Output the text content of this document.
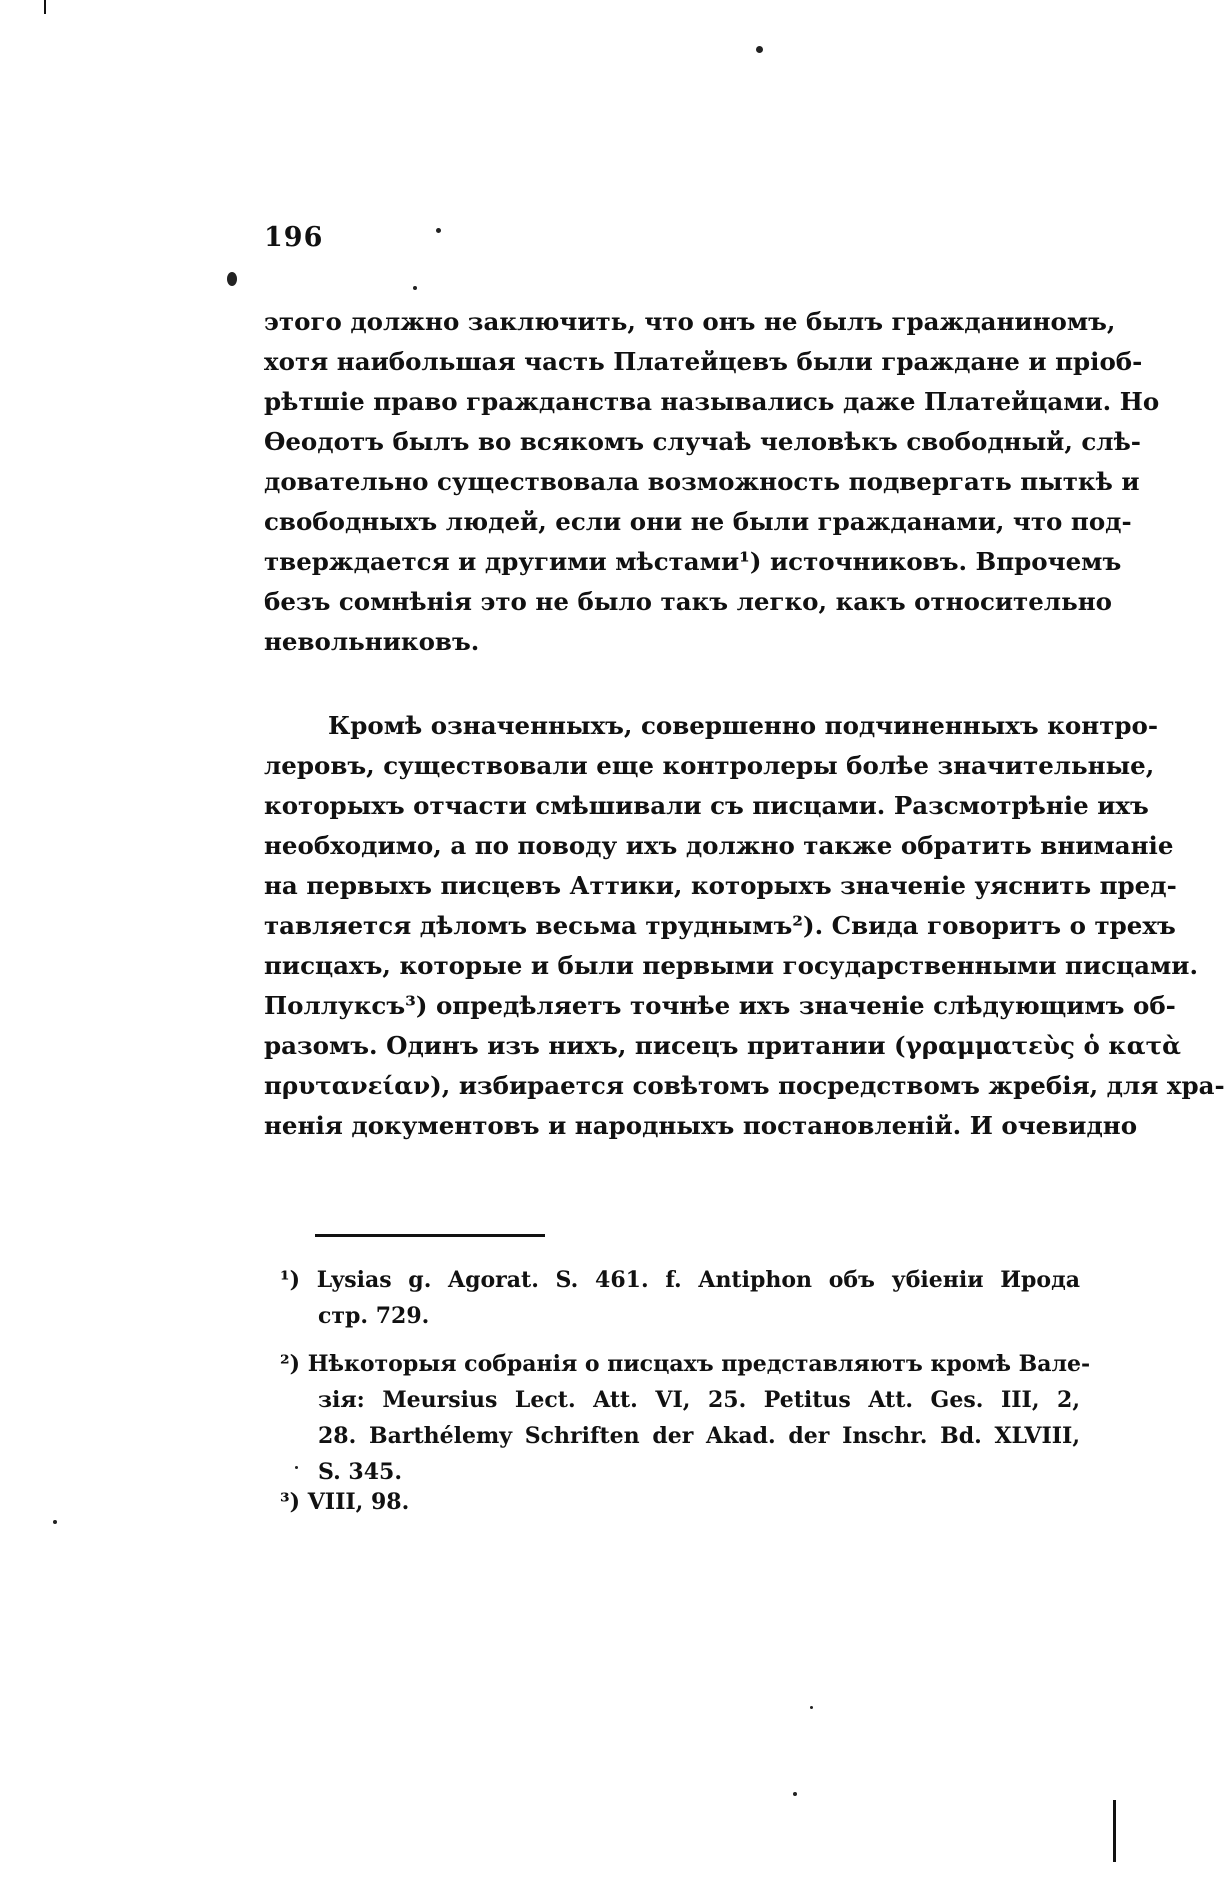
196
этого должно заключить, что онъ не былъ гражданиномъ,
хотя наибольшая часть Платейцевъ были граждане и пріоб-
рѣтшіе право гражданства назывались даже Платейцами. Но
Ѳеодотъ былъ во всякомъ случаѣ человѣкъ свободный, слѣ-
довательно существовала возможность подвергать пыткѣ и
свободныхъ людей, если они не были гражданами, что под-
тверждается и другими мѣстами¹) источниковъ. Впрочемъ
безъ сомнѣнія это не было такъ легко, какъ относительно
невольниковъ.
Кромѣ означенныхъ, совершенно подчиненныхъ контро-
леровъ, существовали еще контролеры болѣе значительные,
которыхъ отчасти смѣшивали съ писцами. Разсмотрѣніе ихъ
необходимо, а по поводу ихъ должно также обратить вниманіе
на первыхъ писцевъ Аттики, которыхъ значеніе уяснить пред-
тавляется дѣломъ весьма труднымъ²). Свида говоритъ о трехъ
писцахъ, которые и были первыми государственными писцами.
Поллуксъ³) опредѣляетъ точнѣе ихъ значеніе слѣдующимъ об-
разомъ. Одинъ изъ нихъ, писецъ притании (γραμματεὺς ὁ κατὰ
πρυτανείαν), избирается совѣтомъ посредствомъ жребія, для хра-
ненія документовъ и народныхъ постановленій. И очевидно
¹) Lysias g. Agorat. S. 461. f. Antiphon объ убіеніи Ирода
стр. 729.
²) Нѣкоторыя собранія о писцахъ представляютъ кромѣ Вале-
зія: Meursius Lect. Att. VI, 25. Petitus Att. Ges. III, 2,
28. Barthélemy Schriften der Akad. der Inschr. Bd. XLVIII,
S. 345.
³) VIII, 98.
